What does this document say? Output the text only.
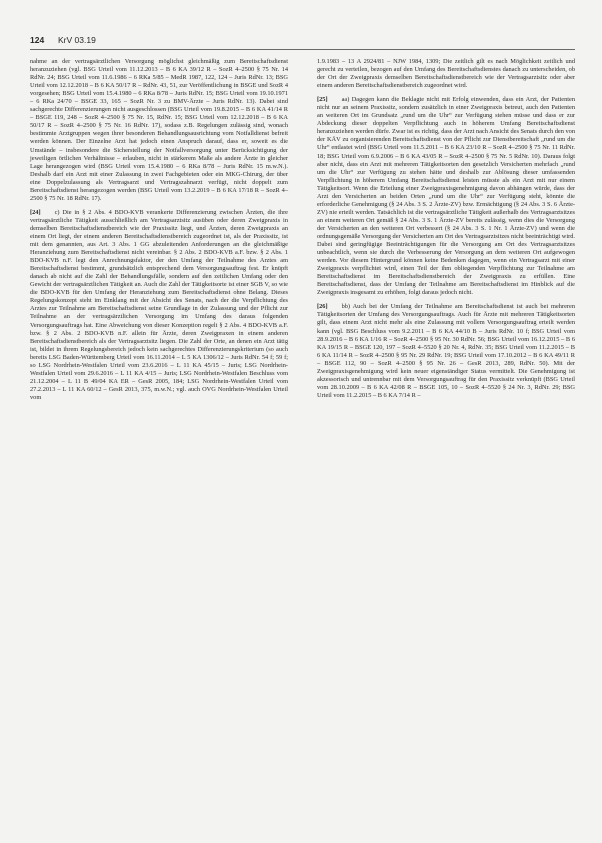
124 KrV 03.19

nahme an der vertragsärztlichen Versorgung möglichst gleichmäßig zum Bereitschaftsdienst heranzuziehen (vgl. BSG Urteil vom 11.12.2013 – B 6 KA 39/12 R – SozR 4–2500 § 75 Nr. 14 RdNr. 24; BSG Urteil vom 11.6.1986 – 6 RKa 5/85 – MedR 1987, 122, 124 – Juris RdNr. 13; BSG Urteil vom 12.12.2018 – B 6 KA 50/17 R – RdNr. 43, 51, zur Veröffentlichung in BSGE und SozR 4 vorgesehen; BSG Urteil vom 15.4.1980 – 6 RKa 8/78 – Juris RdNr. 15; BSG Urteil vom 19.10.1971 – 6 RKa 24/70 – BSGE 33, 165 – SozR Nr. 3 zu BMV-Ärzte – Juris RdNr. 13). Dabei sind sachgerechte Differenzierungen nicht ausgeschlossen (BSG Urteil vom 19.8.2015 – B 6 KA 41/14 R – BSGE 119, 248 – SozR 4–2500 § 75 Nr. 15, RdNr. 15; BSG Urteil vom 12.12.2018 – B 6 KA 50/17 R – SozR 4–2500 § 75 Nr. 16 RdNr. 17), sodass z.B. Regelungen zulässig sind, wonach bestimmte Arztgruppen wegen ihrer besonderen Behandlungsausrichtung vom Notfalldienst befreit werden können. Der Einzelne Arzt hat jedoch einen Anspruch darauf, dass er, soweit es die Umstände – insbesondere die Sicherstellung der Notfallversorgung unter Berücksichtigung der jeweiligen örtlichen Verhältnisse – erlauben, nicht in stärkerem Maße als andere Ärzte in gleicher Lage herangezogen wird (BSG Urteil vom 15.4.1980 – 6 RKa 8/78 – Juris RdNr. 15 m.w.N.). Deshalb darf ein Arzt mit einer Zulassung in zwei Fachgebieten oder ein MKG-Chirurg, der über eine Doppelzulassung als Vertragsarzt und Vertragszahnarzt verfügt, nicht doppelt zum Bereitschaftsdienst herangezogen werden (BSG Urteil vom 13.2.2019 – B 6 KA 17/18 R – SozR 4–2500 § 75 Nr. 18 RdNr. 17).

[24] c) Die in § 2 Abs. 4 BDO-KVB verankerte Differenzierung zwischen Ärzten, die ihre vertragsärztliche Tätigkeit ausschließlich am Vertragsarztsitz ausüben oder deren Zweigpraxis in demselben Bereitschaftsdienstbereich wie der Praxissitz liegt, und Ärzten, deren Zweigpraxis an einem Ort liegt, der einem anderen Bereitschaftsdienstbereich zugeordnet ist, als der Praxissitz, ist mit dem genannten, aus Art. 3 Abs. 1 GG abzuleitenden Anforderungen an die gleichmäßige Heranziehung zum Bereitschaftsdienst nicht vereinbar. § 2 Abs. 2 BDO-KVB a.F. bzw. § 2 Abs. 1 BDO-KVB n.F. legt den Anrechnungsfaktor, der den Umfang der Teilnahme des Arztes am Bereitschaftsdienst bestimmt, grundsätzlich entsprechend dem Versorgungsauftrag fest. Er knüpft danach ab nicht auf die Zahl der Behandlungsfälle, sondern auf den zeitlichen Umfang oder den Gewicht der vertragsärztlichen Tätigkeit an. Auch die Zahl der Tätigkeitsorte ist einer SGB V, so wie die BDO-KVB für den Umfang der Heranziehung zum Bereitschaftsdienst ohne Belang. Dieses Regelungskonzept steht im Einklang mit der Absicht des Senats, nach der die Verpflichtung des Arztes zur Teilnahme am Bereitschaftsdienst seine Grundlage in der Zulassung und der Pflicht zur Teilnahme an der vertragsärztlichen Versorgung im Umfang des daraus folgenden Versorgungsauftrags hat. Eine Abweichung von dieser Konzeption regelt § 2 Abs. 4 BDO-KVB a.F. bzw. § 2 Abs. 2 BDO-KVB n.F. allein für Ärzte, deren Zweigpraxen in einem anderen Bereitschaftsdienstbereich als der Vertragsarztsitz liegen. Die Zahl der Orte, an denen ein Arzt tätig ist, bildet in ihrem Regelungsbereich jedoch kein sachgerechtes Differenzierungskriterium (so auch bereits LSG Baden-Württemberg Urteil vom 16.11.2014 – L 5 KA 1306/12 – Juris RdNr. 54 f; 59 f; so LSG Nordrhein-Westfalen Urteil vom 23.6.2016 – L 11 KA 45/15 – Juris; LSG Nordrhein-Westfalen Urteil vom 29.6.2016 – L 11 KA 4/15 – Juris; LSG Nordrhein-Westfalen Beschluss vom 21.12.2004 – L 11 B 49/04 KA ER – GesR 2005, 184; LSG Nordrhein-Westfalen Urteil vom 27.2.2013 – L 11 KA 60/12 – GesR 2013, 375, m.w.N.; vgl. auch OVG Nordrhein-Westfalen Urteil vom

1.9.1983 – 13 A 2924/81 – NJW 1984, 1309; Die zeitlich gilt es nach Möglichkeit zeitlich und gerecht zu verteilen, bezogen auf den Umfang des Bereitschaftsdienstes danach zu unterscheiden, ob der Ort der Zweigpraxis demselben Bereitschaftsdienstbereich wie der Vertragsarztsitz oder aber einem anderen Bereitschaftsdienstbereich zugeordnet wird.

[25] aa) Dagegen kann die Beklagte nicht mit Erfolg einwenden, dass ein Arzt, der Patienten nicht nur an seinem Praxissitz, sondern zusätzlich in einer Zweigpraxis betreut, auch den Patienten an weiteren Ort im Grundsatz „rund um die Uhr“ zur Verfügung stehen müsse und dass er zur Abdeckung dieser doppelten Verpflichtung auch in höherem Umfang Bereitschaftsdienst heranzuziehen werden dürfe. Zwar ist es richtig, dass der Arzt nach Ansicht des Senats durch den von der KÄV zu organisierenden Bereitschaftsdienst von der Pflicht zur Dienstbereitschaft „rund um die Uhr“ entlastet wird (BSG Urteil vom 11.5.2011 – B 6 KA 23/10 R – SozR 4–2500 § 75 Nr. 11 RdNr. 18; BSG Urteil vom 6.9.2006 – B 6 KA 43/05 R – SozR 4–2500 § 75 Nr. 5 RdNr. 10). Daraus folgt aber nicht, dass ein Arzt mit mehreren Tätigkeitsorten den gesetzlich Versicherten mehrfach „rund um die Uhr“ zur Verfügung zu stehen hätte und deshalb zur Ablösung dieser umfassenden Verpflichtung in höherem Umfang Bereitschaftsdienst leisten müsste als ein Arzt mit nur einem Tätigkeitsort. Wenn die Erteilung einer Zweigpraxisgenehmigung davon abhängen würde, dass der Arzt den Versicherten an beiden Orten „rund um die Uhr“ zur Verfügung steht, könnte die erforderliche Genehmigung (§ 24 Abs. 3 S. 2 Ärzte-ZV) bzw. Ermächtigung (§ 24 Abs. 3 S. 6 Ärzte-ZV) nie erteilt werden. Tatsächlich ist die vertragsärztliche Tätigkeit außerhalb des Vertragsarztsitzes an einem weiteren Ort gemäß § 24 Abs. 3 S. 1 Ärzte-ZV bereits zulässig, wenn dies die Versorgung der Versicherten an den weiteren Ort verbessert (§ 24 Abs. 3 S. 1 Nr. 1 Ärzte-ZV) und wenn die ordnungsgemäße Versorgung der Versicherten am Ort des Vertragsarztsitzes nicht beeinträchtigt wird. Dabei sind geringfügige Beeinträchtigungen für die Versorgung am Ort des Vertragsarztsitzes unbeachtlich, wenn sie durch die Verbesserung der Versorgung an dem weiteren Ort aufgewogen werden. Vor diesem Hintergrund können keine Bedenken dagegen, wenn ein Vertragsarzt mit einer Zweigpraxis verpflichtet wird, einen Teil der ihm obliegenden Verpflichtung zur Teilnahme am Bereitschaftsdienst im Bereitschaftsdienstbereich der Zweigpraxis zu erfüllen. Eine Bereitschaftsdienst, dass der Umfang der Teilnahme am Bereitschaftsdienst im Hinblick auf die Zweigpraxis insgesamt zu erhöhen, folgt daraus jedoch nicht.

[26] bb) Auch bei der Umfang der Teilnahme am Bereitschaftsdienst ist auch bei mehreren Tätigkeitsorten der Umfang des Versorgungsauftrags. Auch für Ärzte mit mehreren Tätigkeitsorten gilt, dass einem Arzt nicht mehr als eine Zulassung mit vollem Versorgungsauftrag erteilt werden kann (vgl. BSG Beschluss vom 9.2.2011 – B 6 KA 44/10 B – Juris RdNr. 10 f; BSG Urteil vom 28.9.2016 – B 6 KA 1/16 R – SozR 4–2500 § 95 Nr. 30 RdNr. 56; BSG Urteil vom 16.12.2015 – B 6 KA 19/15 R – BSGE 120, 197 – SozR 4–5520 § 20 Nr. 4, RdNr. 35; BSG Urteil vom 11.2.2015 – B 6 KA 11/14 R – SozR 4–2500 § 95 Nr. 29 RdNr. 19; BSG Urteil vom 17.10.2012 – B 6 KA 49/11 R – BSGE 112, 90 – SozR 4–2500 § 95 Nr. 26 – GesR 2013, 289, RdNr. 50). Mit der Zweigpraxisgenehmigung wird kein neuer eigenständiger Status vermittelt. Die Genehmigung ist akzessorisch und untrennbar mit dem Versorgungsauftrag für den Praxissitz verknüpft (BSG Urteil vom 28.10.2009 – B 6 KA 42/08 R – BSGE 105, 10 – SozR 4–5520 § 24 Nr. 3, RdNr. 29; BSG Urteil vom 11.2.2015 – B 6 KA 7/14 R –
